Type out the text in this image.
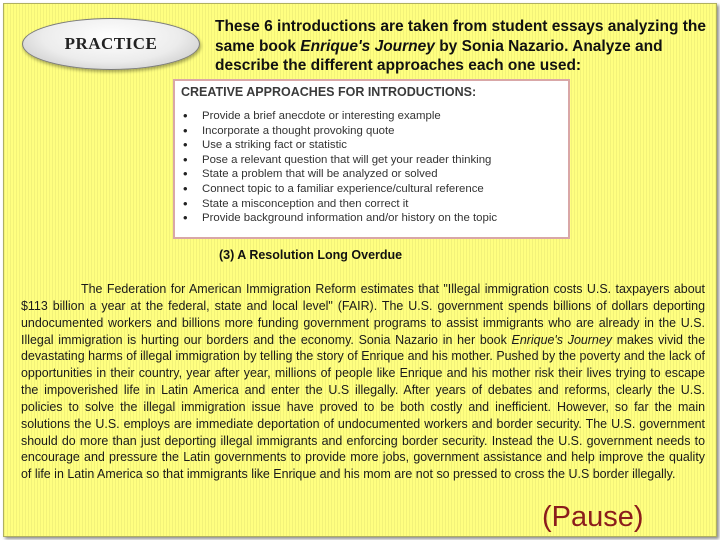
PRACTICE
These 6 introductions are taken from student essays analyzing the same book Enrique's Journey by Sonia Nazario. Analyze and describe the different approaches each one used:
CREATIVE APPROACHES FOR INTRODUCTIONS:
• Provide a brief anecdote or interesting example
• Incorporate a thought provoking quote
• Use a striking fact or statistic
• Pose a relevant question that will get your reader thinking
• State a problem that will be analyzed or solved
• Connect topic to a familiar experience/cultural reference
• State a misconception and then correct it
• Provide background information and/or history on the topic
(3) A Resolution Long Overdue

The Federation for American Immigration Reform estimates that "Illegal immigration costs U.S. taxpayers about $113 billion a year at the federal, state and local level" (FAIR). The U.S. government spends billions of dollars deporting undocumented workers and billions more funding government programs to assist immigrants who are already in the U.S. Illegal immigration is hurting our borders and the economy. Sonia Nazario in her book Enrique's Journey makes vivid the devastating harms of illegal immigration by telling the story of Enrique and his mother. Pushed by the poverty and the lack of opportunities in their country, year after year, millions of people like Enrique and his mother risk their lives trying to escape the impoverished life in Latin America and enter the U.S illegally. After years of debates and reforms, clearly the U.S. policies to solve the illegal immigration issue have proved to be both costly and inefficient. However, so far the main solutions the U.S. employs are immediate deportation of undocumented workers and border security. The U.S. government should do more than just deporting illegal immigrants and enforcing border security. Instead the U.S. government needs to encourage and pressure the Latin governments to provide more jobs, government assistance and help improve the quality of life in Latin America so that immigrants like Enrique and his mom are not so pressed to cross the U.S border illegally.

(Pause)
